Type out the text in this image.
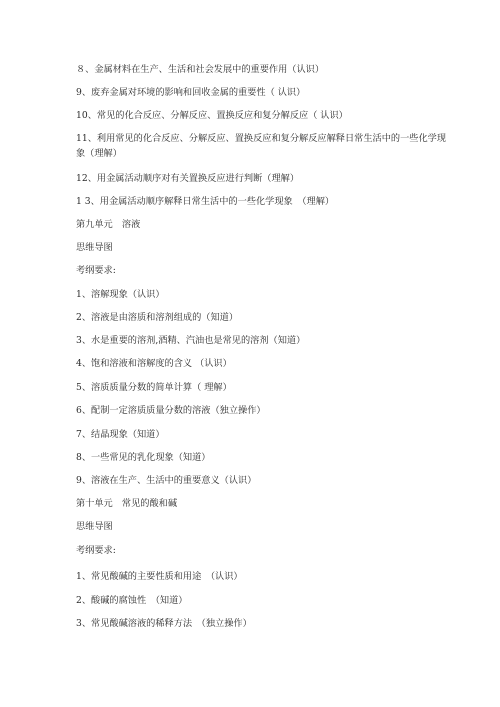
８、金属材料在生产、生活和社会发展中的重要作用（认识）
9、废弃金属对环境的影响和回收金属的重要性（ 认识）
10、常见的化合反应、分解反应、置换反应和复分解反应（ 认识）
11、利用常见的化合反应、分解反应、置换反应和复分解反应解释日常生活中的一些化学现象（理解）
12、用金属活动顺序对有关置换反应进行判断（理解）
1 3、用金属活动顺序解释日常生活中的一些化学现象　（理解）
第九单元　溶液
思维导图
考纲要求:
1、溶解现象（认识）
2、溶液是由溶质和溶剂组成的（知道）
3、水是重要的溶剂,酒精、汽油也是常见的溶剂（知道）
4、饱和溶液和溶解度的含义 （认识）
5、溶质质量分数的简单计算（ 理解）
6、配制一定溶质质量分数的溶液（独立操作）
7、结晶现象（知道）
8、一些常见的乳化现象（知道）
9、溶液在生产、生活中的重要意义（认识）
第十单元　常见的酸和碱
思维导图
考纲要求:
1、常见酸碱的主要性质和用途　（认识）
2、酸碱的腐蚀性　（知道）
3、常见酸碱溶液的稀释方法　（独立操作）
